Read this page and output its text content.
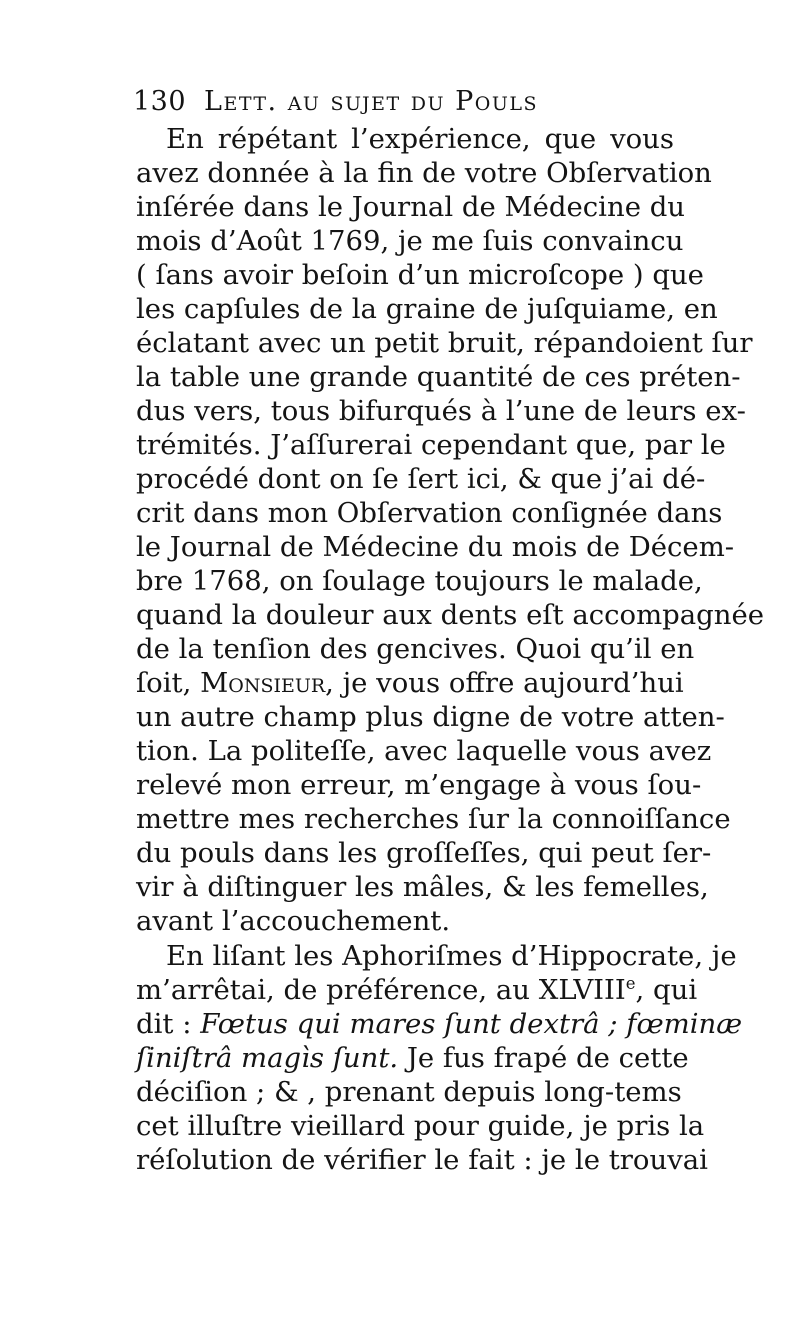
130 Lett. au sujet du Pouls
En répétant l’expérience, que vous
avez donnée à la fin de votre Obſervation
inſérée dans le Journal de Médecine du
mois d’Août 1769, je me ſuis convaincu
( ſans avoir beſoin d’un microſcope ) que
les capſules de la graine de juſquiame, en
éclatant avec un petit bruit, répandoient ſur
la table une grande quantité de ces préten-
dus vers, tous bifurqués à l’une de leurs ex-
trémités. J’aſſurerai cependant que, par le
procédé dont on ſe ſert ici, & que j’ai dé-
crit dans mon Obſervation conſignée dans
le Journal de Médecine du mois de Décem-
bre 1768, on ſoulage toujours le malade,
quand la douleur aux dents eſt accompagnée
de la tenſion des gencives. Quoi qu’il en
ſoit, Monsieur, je vous offre aujourd’hui
un autre champ plus digne de votre atten-
tion. La politeſſe, avec laquelle vous avez
relevé mon erreur, m’engage à vous ſou-
mettre mes recherches ſur la connoiſſance
du pouls dans les groſſeſſes, qui peut ſer-
vir à diſtinguer les mâles, & les femelles,
avant l’accouchement.
En liſant les Aphoriſmes d’Hippocrate, je
m’arrêtai, de préférence, au XLVIIIe, qui
dit : Fœtus qui mares ſunt dextrâ ; fœminæ
ſiniſtrâ magìs ſunt. Je fus frapé de cette
déciſion ; & , prenant depuis long-tems
cet illuſtre vieillard pour guide, je pris la
réſolution de vérifier le fait : je le trouvai
